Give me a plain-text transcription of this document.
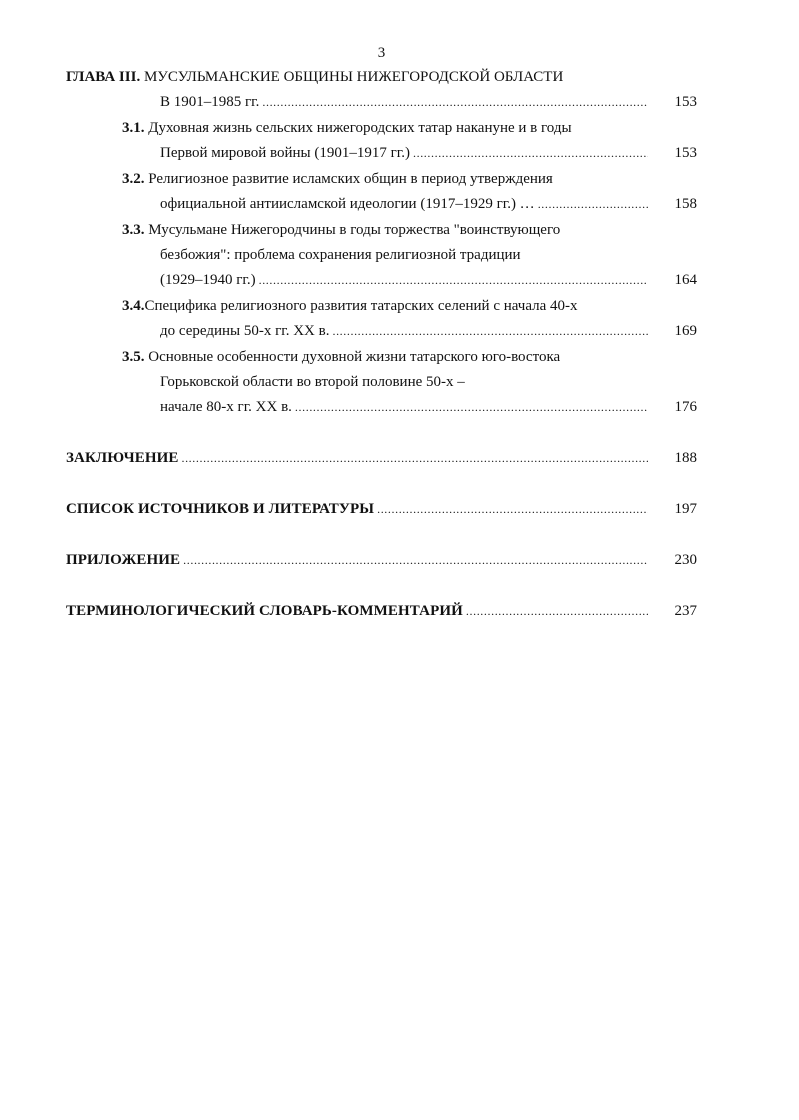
3
ГЛАВА III. МУСУЛЬМАНСКИЕ ОБЩИНЫ НИЖЕГОРОДСКОЙ ОБЛАСТИ
В 1901–1985 гг. . . .	153
3.1. Духовная жизнь сельских нижегородских татар накануне и в годы
Первой мировой войны (1901–1917 гг.) . . .	153
3.2. Религиозное развитие исламских общин в период утверждения
официальной антиисламской идеологии (1917–1929 гг.) … . . .	158
3.3. Мусульмане Нижегородчины в годы торжества "воинствующего
безбожия": проблема сохранения религиозной традиции
(1929–1940 гг.) . . .	164
3.4.Специфика религиозного развития татарских селений с начала 40-х
до середины 50-х гг. ХХ в. . . .	169
3.5. Основные особенности духовной жизни татарского юго-востока
Горьковской области во второй половине 50-х –
начале 80-х гг. ХХ в. . . .	176
ЗАКЛЮЧЕНИЕ . . .	188
СПИСОК ИСТОЧНИКОВ И ЛИТЕРАТУРЫ . . .	197
ПРИЛОЖЕНИЕ . . .	230
ТЕРМИНОЛОГИЧЕСКИЙ СЛОВАРЬ-КОММЕНТАРИЙ . . .	237
